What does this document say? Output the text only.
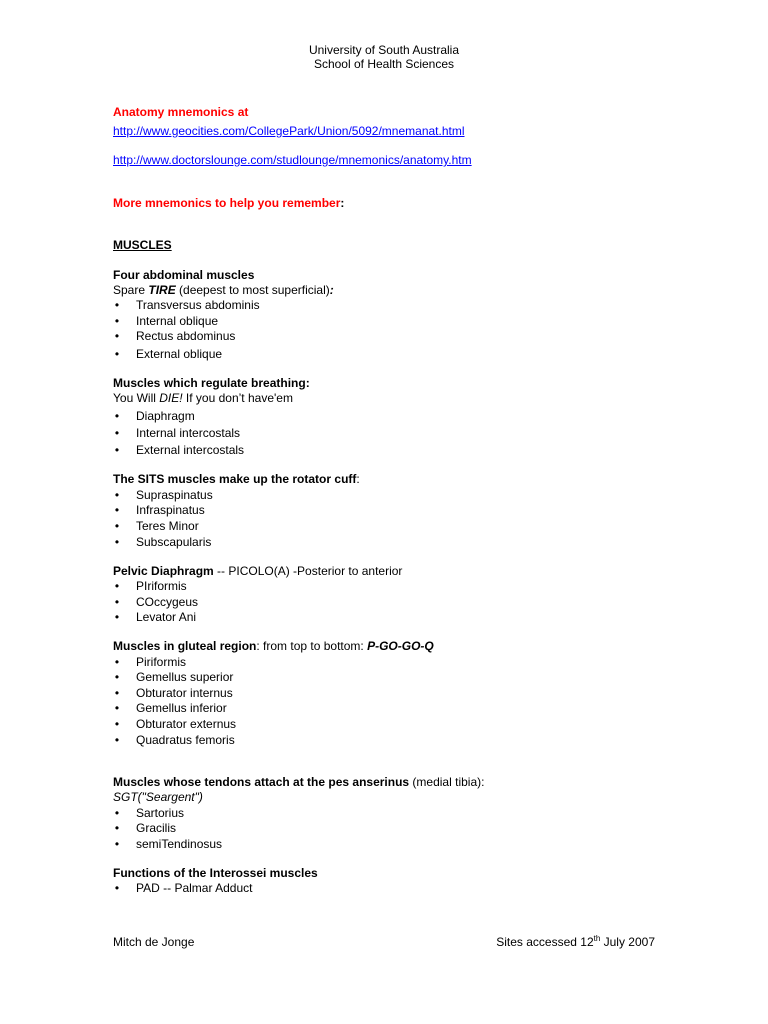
University of South Australia
School of Health Sciences
Anatomy mnemonics at
http://www.geocities.com/CollegePark/Union/5092/mnemanat.html
http://www.doctorslounge.com/studlounge/mnemonics/anatomy.htm
More mnemonics to help you remember:
MUSCLES
Four abdominal muscles
Spare TIRE (deepest to most superficial):
• Transversus abdominis
• Internal oblique
• Rectus abdominus
• External oblique
Muscles which regulate breathing:
You Will DIE! If you don’t have'em
• Diaphragm
• Internal intercostals
• External intercostals
The SITS muscles make up the rotator cuff:
• Supraspinatus
• Infraspinatus
• Teres Minor
• Subscapularis
Pelvic Diaphragm -- PICOLO(A) -Posterior to anterior
• PIriformis
• COccygeus
• Levator Ani
Muscles in gluteal region: from top to bottom: P-GO-GO-Q
• Piriformis
• Gemellus superior
• Obturator internus
• Gemellus inferior
• Obturator externus
• Quadratus femoris
Muscles whose tendons attach at the pes anserinus (medial tibia):
SGT("Seargent")
• Sartorius
• Gracilis
• semiTendinosus
Functions of the Interossei muscles
• PAD -- Palmar Adduct
Mitch de Jonge	Sites accessed 12th July 2007
